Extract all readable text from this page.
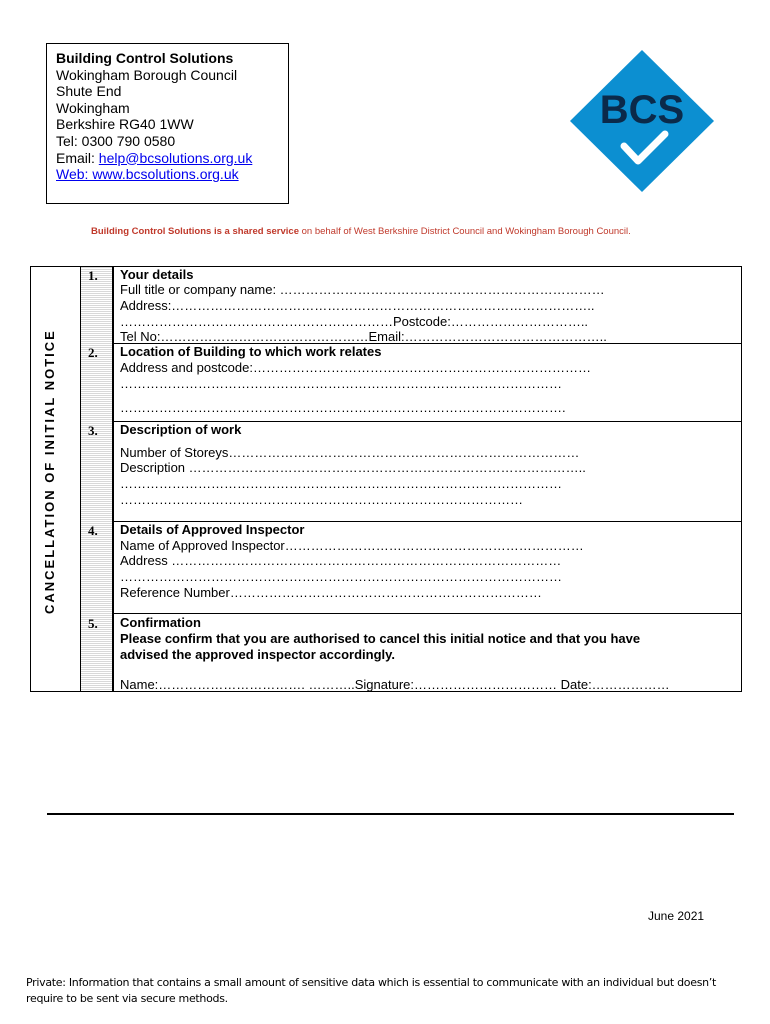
Building Control Solutions
Wokingham Borough Council
Shute End
Wokingham
Berkshire RG40 1WW
Tel: 0300 790 0580
Email: help@bcsolutions.org.uk
Web: www.bcsolutions.org.uk
BCS
Building Control Solutions is a shared service on behalf of West Berkshire District Council and Wokingham Borough Council.
CANCELLATION OF INITIAL NOTICE
1. Your details
Full title or company name: …………………………………………………………………
Address:……………………………………………………………………………………..
………………………………………………………Postcode:…………………………..
Tel No:…………………………………………Email:………………………………………..
2. Location of Building to which work relates
Address and postcode:……………………………………………………………………
…………………………………………………………………………………………
………………………………………………………………………………………….
3. Description of work
Number of Storeys………………………………………………………………………
Description ………………………………………………………………………………..
…………………………………………………………………………………………
…………………………………………………………………………………
4. Details of Approved Inspector
Name of Approved Inspector……………………………………………………………
Address ………………………………………………………………………………
…………………………………………………………………………………………
Reference Number………………………………………………………………
5. Confirmation
Please confirm that you are authorised to cancel this initial notice and that you have
advised the approved inspector accordingly.
Name:……………………………. ………..Signature:…………………………… Date:………………
June 2021
Private: Information that contains a small amount of sensitive data which is essential to communicate with an individual but doesn’t require to be sent via secure methods.
